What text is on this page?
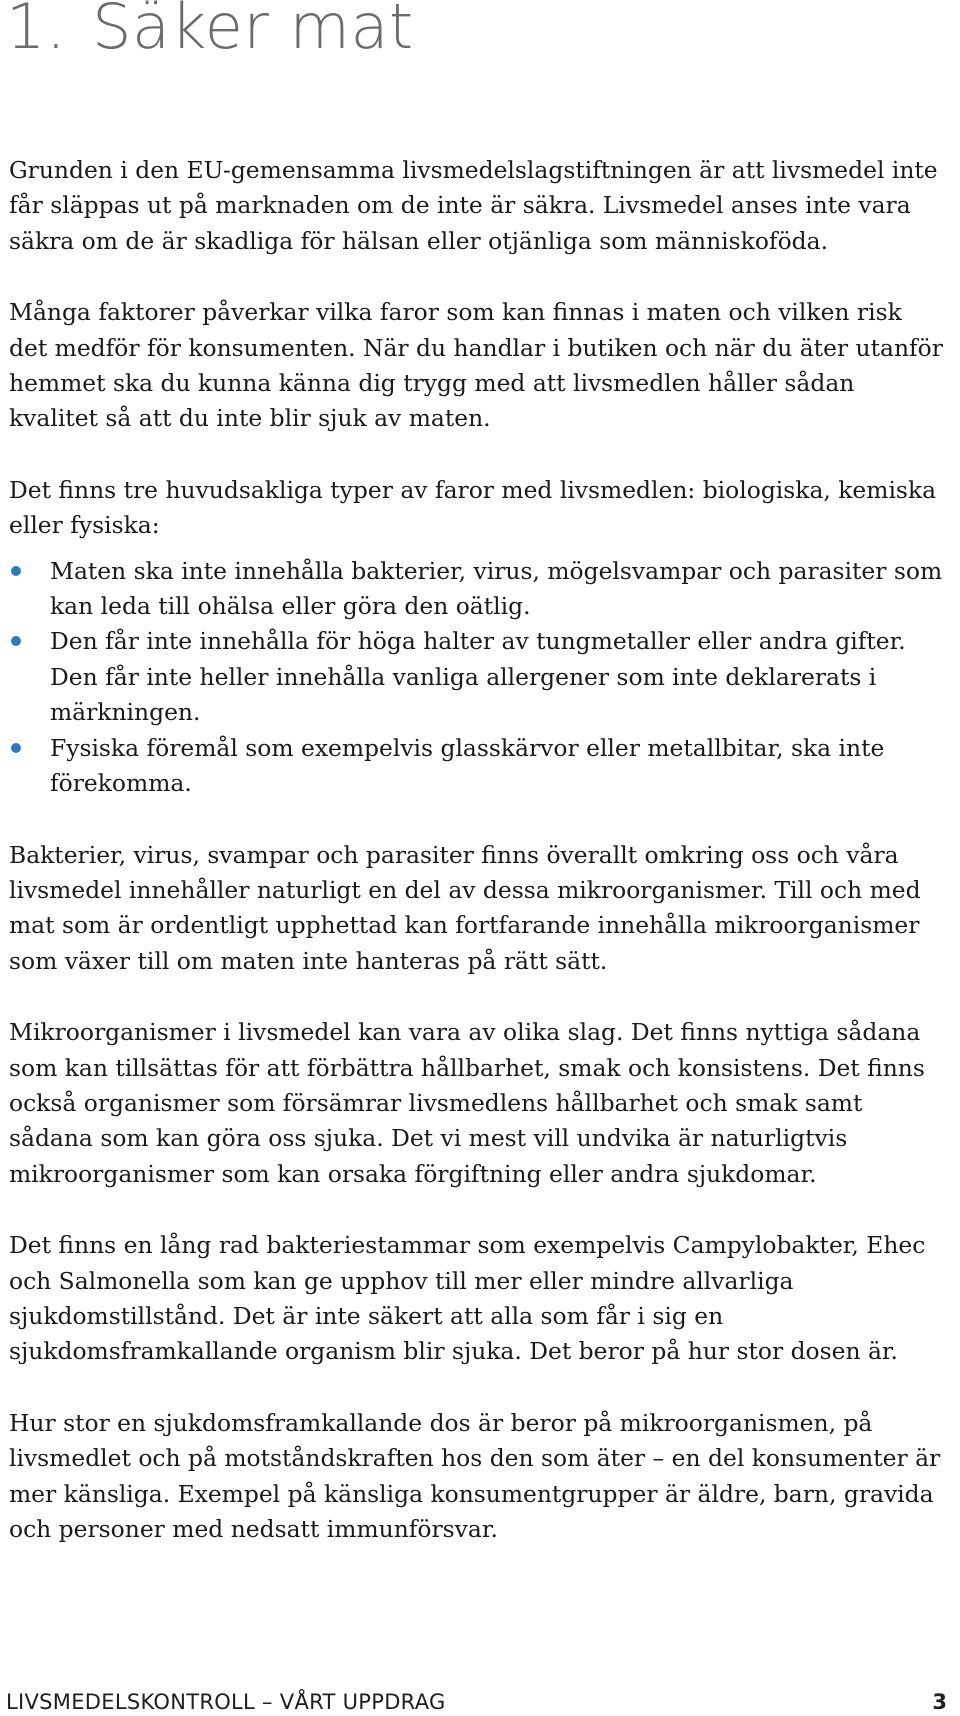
1. Säker mat

Grunden i den EU-gemensamma livsmedelslagstiftningen är att livsmedel inte får släppas ut på marknaden om de inte är säkra. Livsmedel anses inte vara säkra om de är skadliga för hälsan eller otjänliga som människoföda.

Många faktorer påverkar vilka faror som kan finnas i maten och vilken risk det medför för konsumenten. När du handlar i butiken och när du äter utanför hemmet ska du kunna känna dig trygg med att livsmedlen håller sådan kvalitet så att du inte blir sjuk av maten.

Det finns tre huvudsakliga typer av faror med livsmedlen: biologiska, kemiska eller fysiska:

Maten ska inte innehålla bakterier, virus, mögelsvampar och parasiter som kan leda till ohälsa eller göra den oätlig.
Den får inte innehålla för höga halter av tungmetaller eller andra gifter. Den får inte heller innehålla vanliga allergener som inte deklarerats i märkningen.
Fysiska föremål som exempelvis glasskärvor eller metallbitar, ska inte förekomma.

Bakterier, virus, svampar och parasiter finns överallt omkring oss och våra livsmedel innehåller naturligt en del av dessa mikroorganismer. Till och med mat som är ordentligt upphettad kan fortfarande innehålla mikroorganismer som växer till om maten inte hanteras på rätt sätt.

Mikroorganismer i livsmedel kan vara av olika slag. Det finns nyttiga sådana som kan tillsättas för att förbättra hållbarhet, smak och konsistens. Det finns också organismer som försämrar livsmedlens hållbarhet och smak samt sådana som kan göra oss sjuka. Det vi mest vill undvika är naturligtvis mikroorganismer som kan orsaka förgiftning eller andra sjukdomar.

Det finns en lång rad bakteriestammar som exempelvis Campylobakter, Ehec och Salmonella som kan ge upphov till mer eller mindre allvarliga sjukdomstillstånd. Det är inte säkert att alla som får i sig en sjukdomsframkallande organism blir sjuka. Det beror på hur stor dosen är.

Hur stor en sjukdomsframkallande dos är beror på mikroorganismen, på livsmedlet och på motståndskraften hos den som äter – en del konsumenter är mer känsliga. Exempel på känsliga konsumentgrupper är äldre, barn, gravida och personer med nedsatt immunförsvar.

LIVSMEDELSKONTROLL – VÅRT UPPDRAG	3
